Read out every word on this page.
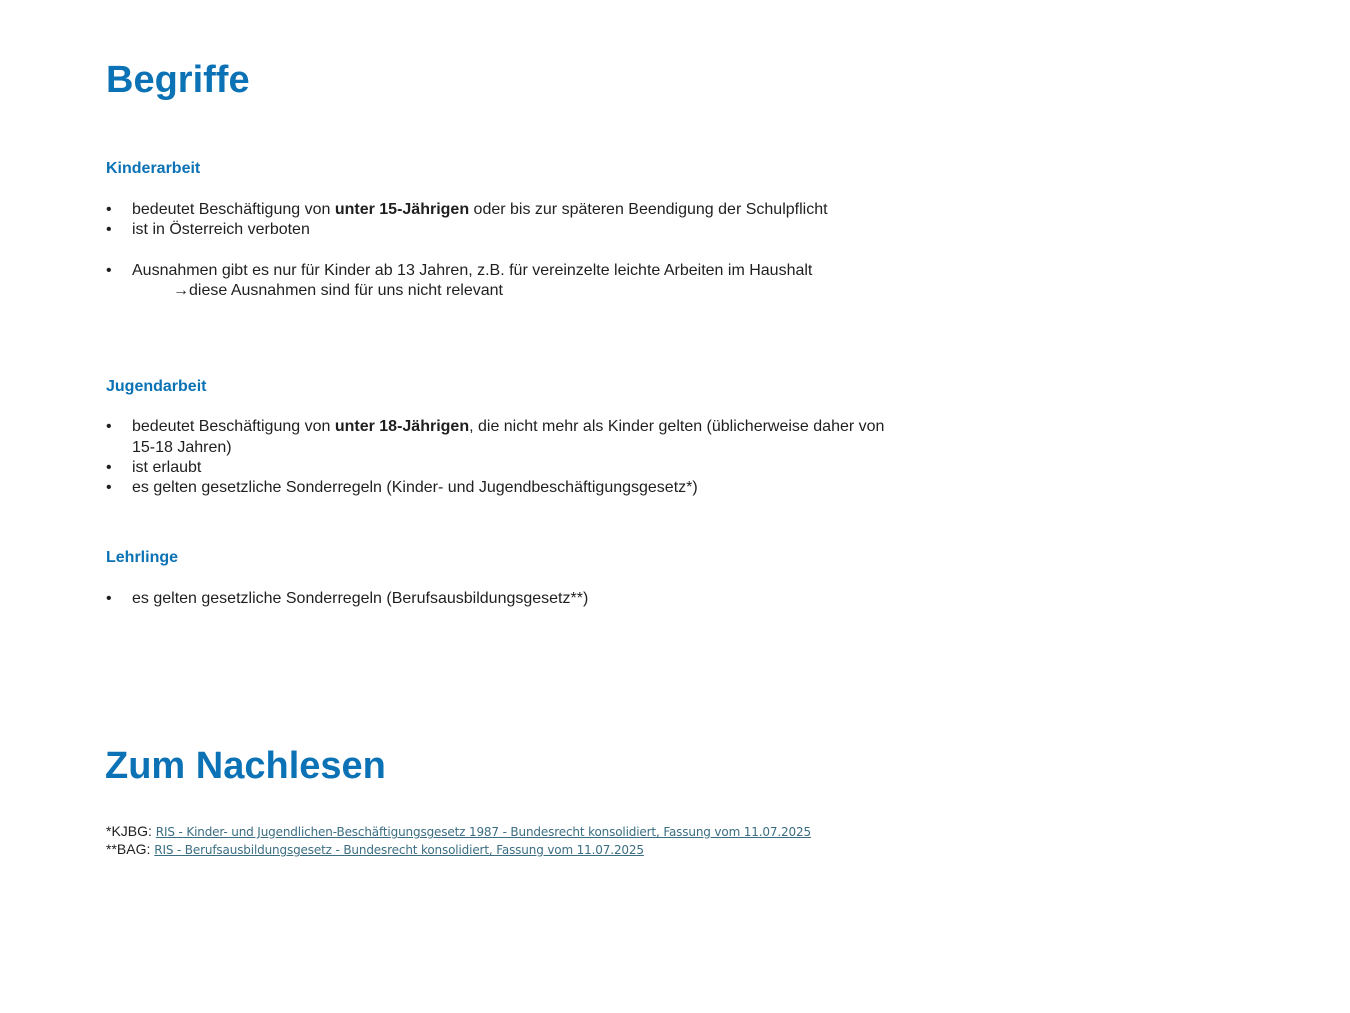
Begriffe
Kinderarbeit
• bedeutet Beschäftigung von unter 15-Jährigen oder bis zur späteren Beendigung der Schulpflicht
• ist in Österreich verboten
• Ausnahmen gibt es nur für Kinder ab 13 Jahren, z.B. für vereinzelte leichte Arbeiten im Haushalt
→diese Ausnahmen sind für uns nicht relevant
Jugendarbeit
• bedeutet Beschäftigung von unter 18-Jährigen, die nicht mehr als Kinder gelten (üblicherweise daher von 15-18 Jahren)
• ist erlaubt
• es gelten gesetzliche Sonderregeln (Kinder- und Jugendbeschäftigungsgesetz*)
Lehrlinge
• es gelten gesetzliche Sonderregeln (Berufsausbildungsgesetz**)
Zum Nachlesen
*KJBG: RIS - Kinder- und Jugendlichen-Beschäftigungsgesetz 1987 - Bundesrecht konsolidiert, Fassung vom 11.07.2025
**BAG: RIS - Berufsausbildungsgesetz - Bundesrecht konsolidiert, Fassung vom 11.07.2025
